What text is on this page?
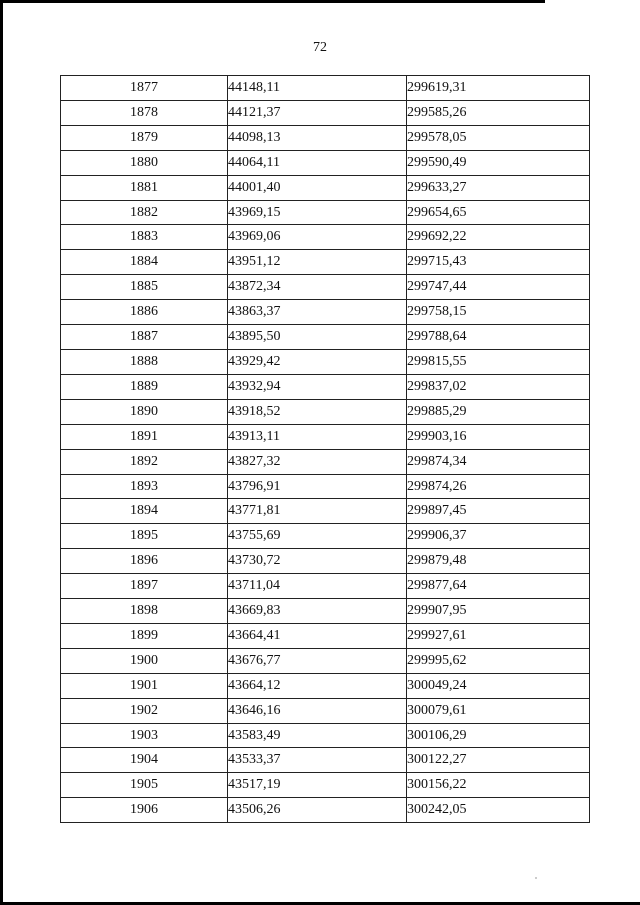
72
1877	44148,11	299619,31
1878	44121,37	299585,26
1879	44098,13	299578,05
1880	44064,11	299590,49
1881	44001,40	299633,27
1882	43969,15	299654,65
1883	43969,06	299692,22
1884	43951,12	299715,43
1885	43872,34	299747,44
1886	43863,37	299758,15
1887	43895,50	299788,64
1888	43929,42	299815,55
1889	43932,94	299837,02
1890	43918,52	299885,29
1891	43913,11	299903,16
1892	43827,32	299874,34
1893	43796,91	299874,26
1894	43771,81	299897,45
1895	43755,69	299906,37
1896	43730,72	299879,48
1897	43711,04	299877,64
1898	43669,83	299907,95
1899	43664,41	299927,61
1900	43676,77	299995,62
1901	43664,12	300049,24
1902	43646,16	300079,61
1903	43583,49	300106,29
1904	43533,37	300122,27
1905	43517,19	300156,22
1906	43506,26	300242,05
